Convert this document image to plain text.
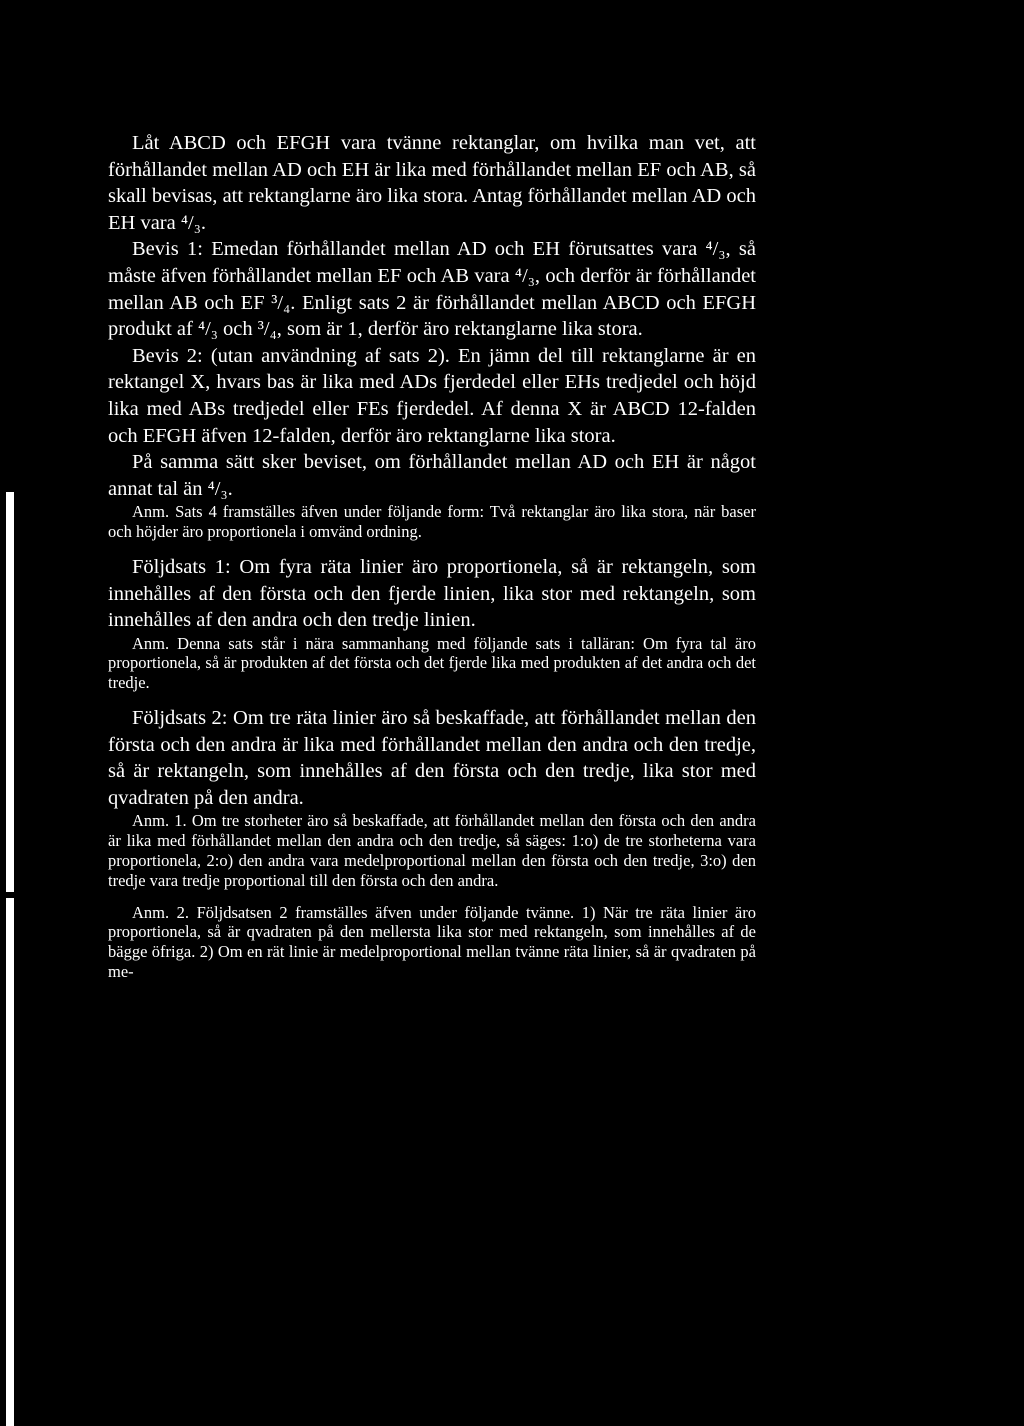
Låt ABCD och EFGH vara tvänne rektanglar, om hvilka man vet, att förhållandet mellan AD och EH är lika med förhållandet mellan EF och AB, så skall bevisas, att rektanglarne äro lika stora. Antag förhållandet mellan AD och EH vara ⁴/₃.

Bevis 1: Emedan förhållandet mellan AD och EH förutsattes vara ⁴/₃, så måste äfven förhållandet mellan EF och AB vara ⁴/₃, och derför är förhållandet mellan AB och EF ³/₄. Enligt sats 2 är förhållandet mellan ABCD och EFGH produkt af ⁴/₃ och ³/₄, som är 1, derför äro rektanglarne lika stora.

Bevis 2: (utan användning af sats 2). En jämn del till rektanglarne är en rektangel X, hvars bas är lika med ADs fjerdedel eller EHs tredjedel och höjd lika med ABs tredjedel eller FEs fjerdedel. Af denna X är ABCD 12-falden och EFGH äfven 12-falden, derför äro rektanglarne lika stora.

På samma sätt sker beviset, om förhållandet mellan AD och EH är något annat tal än ⁴/₃.

Anm. Sats 4 framställes äfven under följande form: Två rektanglar äro lika stora, när baser och höjder äro proportionela i omvänd ordning.

Följdsats 1: Om fyra räta linier äro proportionela, så är rektangeln, som innehålles af den första och den fjerde linien, lika stor med rektangeln, som innehålles af den andra och den tredje linien.

Anm. Denna sats står i nära sammanhang med följande sats i talläran: Om fyra tal äro proportionela, så är produkten af det första och det fjerde lika med produkten af det andra och det tredje.

Följdsats 2: Om tre räta linier äro så beskaffade, att förhållandet mellan den första och den andra är lika med förhållandet mellan den andra och den tredje, så är rektangeln, som innehålles af den första och den tredje, lika stor med qvadraten på den andra.

Anm. 1. Om tre storheter äro så beskaffade, att förhållandet mellan den första och den andra är lika med förhållandet mellan den andra och den tredje, så säges: 1:o) de tre storheterna vara proportionela, 2:o) den andra vara medelproportional mellan den första och den tredje, 3:o) den tredje vara tredje proportional till den första och den andra.

Anm. 2. Följdsatsen 2 framställes äfven under följande tvänne. 1) När tre räta linier äro proportionela, så är qvadraten på den mellersta lika stor med rektangeln, som innehålles af de bägge öfriga. 2) Om en rät linie är medelproportional mellan tvänne räta linier, så är qvadraten på me-
